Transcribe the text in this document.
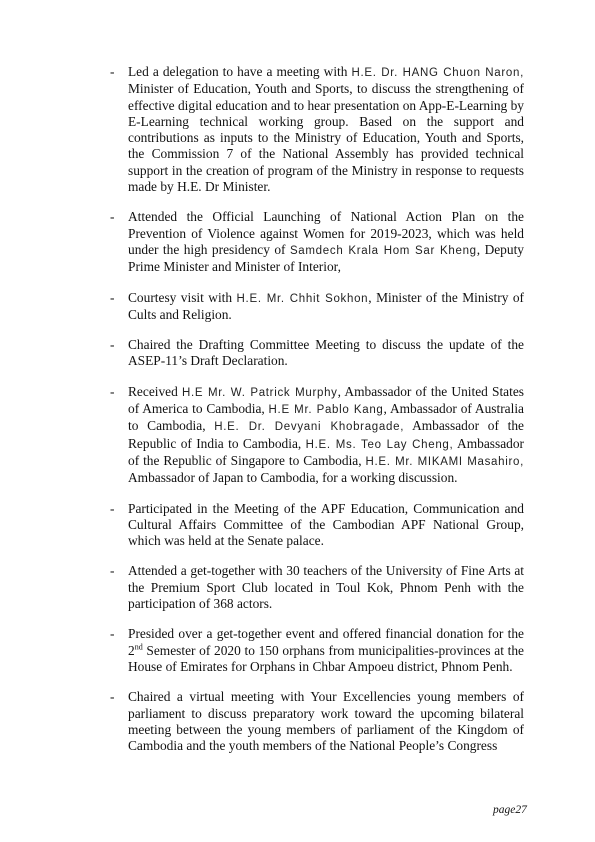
- Led a delegation to have a meeting with H.E. Dr. HANG Chuon Naron, Minister of Education, Youth and Sports, to discuss the strengthening of effective digital education and to hear presentation on App-E-Learning by E-Learning technical working group. Based on the support and contributions as inputs to the Ministry of Education, Youth and Sports, the Commission 7 of the National Assembly has provided technical support in the creation of program of the Ministry in response to requests made by H.E. Dr Minister.
- Attended the Official Launching of National Action Plan on the Prevention of Violence against Women for 2019-2023, which was held under the high presidency of Samdech Krala Hom Sar Kheng, Deputy Prime Minister and Minister of Interior,
- Courtesy visit with H.E. Mr. Chhit Sokhon, Minister of the Ministry of Cults and Religion.
- Chaired the Drafting Committee Meeting to discuss the update of the ASEP-11’s Draft Declaration.
- Received H.E Mr. W. Patrick Murphy, Ambassador of the United States of America to Cambodia, H.E Mr. Pablo Kang, Ambassador of Australia to Cambodia, H.E. Dr. Devyani Khobragade, Ambassador of the Republic of India to Cambodia, H.E. Ms. Teo Lay Cheng, Ambassador of the Republic of Singapore to Cambodia, H.E. Mr. MIKAMI Masahiro, Ambassador of Japan to Cambodia, for a working discussion.
- Participated in the Meeting of the APF Education, Communication and Cultural Affairs Committee of the Cambodian APF National Group, which was held at the Senate palace.
- Attended a get-together with 30 teachers of the University of Fine Arts at the Premium Sport Club located in Toul Kok, Phnom Penh with the participation of 368 actors.
- Presided over a get-together event and offered financial donation for the 2nd Semester of 2020 to 150 orphans from municipalities-provinces at the House of Emirates for Orphans in Chbar Ampoeu district, Phnom Penh.
- Chaired a virtual meeting with Your Excellencies young members of parliament to discuss preparatory work toward the upcoming bilateral meeting between the young members of parliament of the Kingdom of Cambodia and the youth members of the National People’s Congress
page27
